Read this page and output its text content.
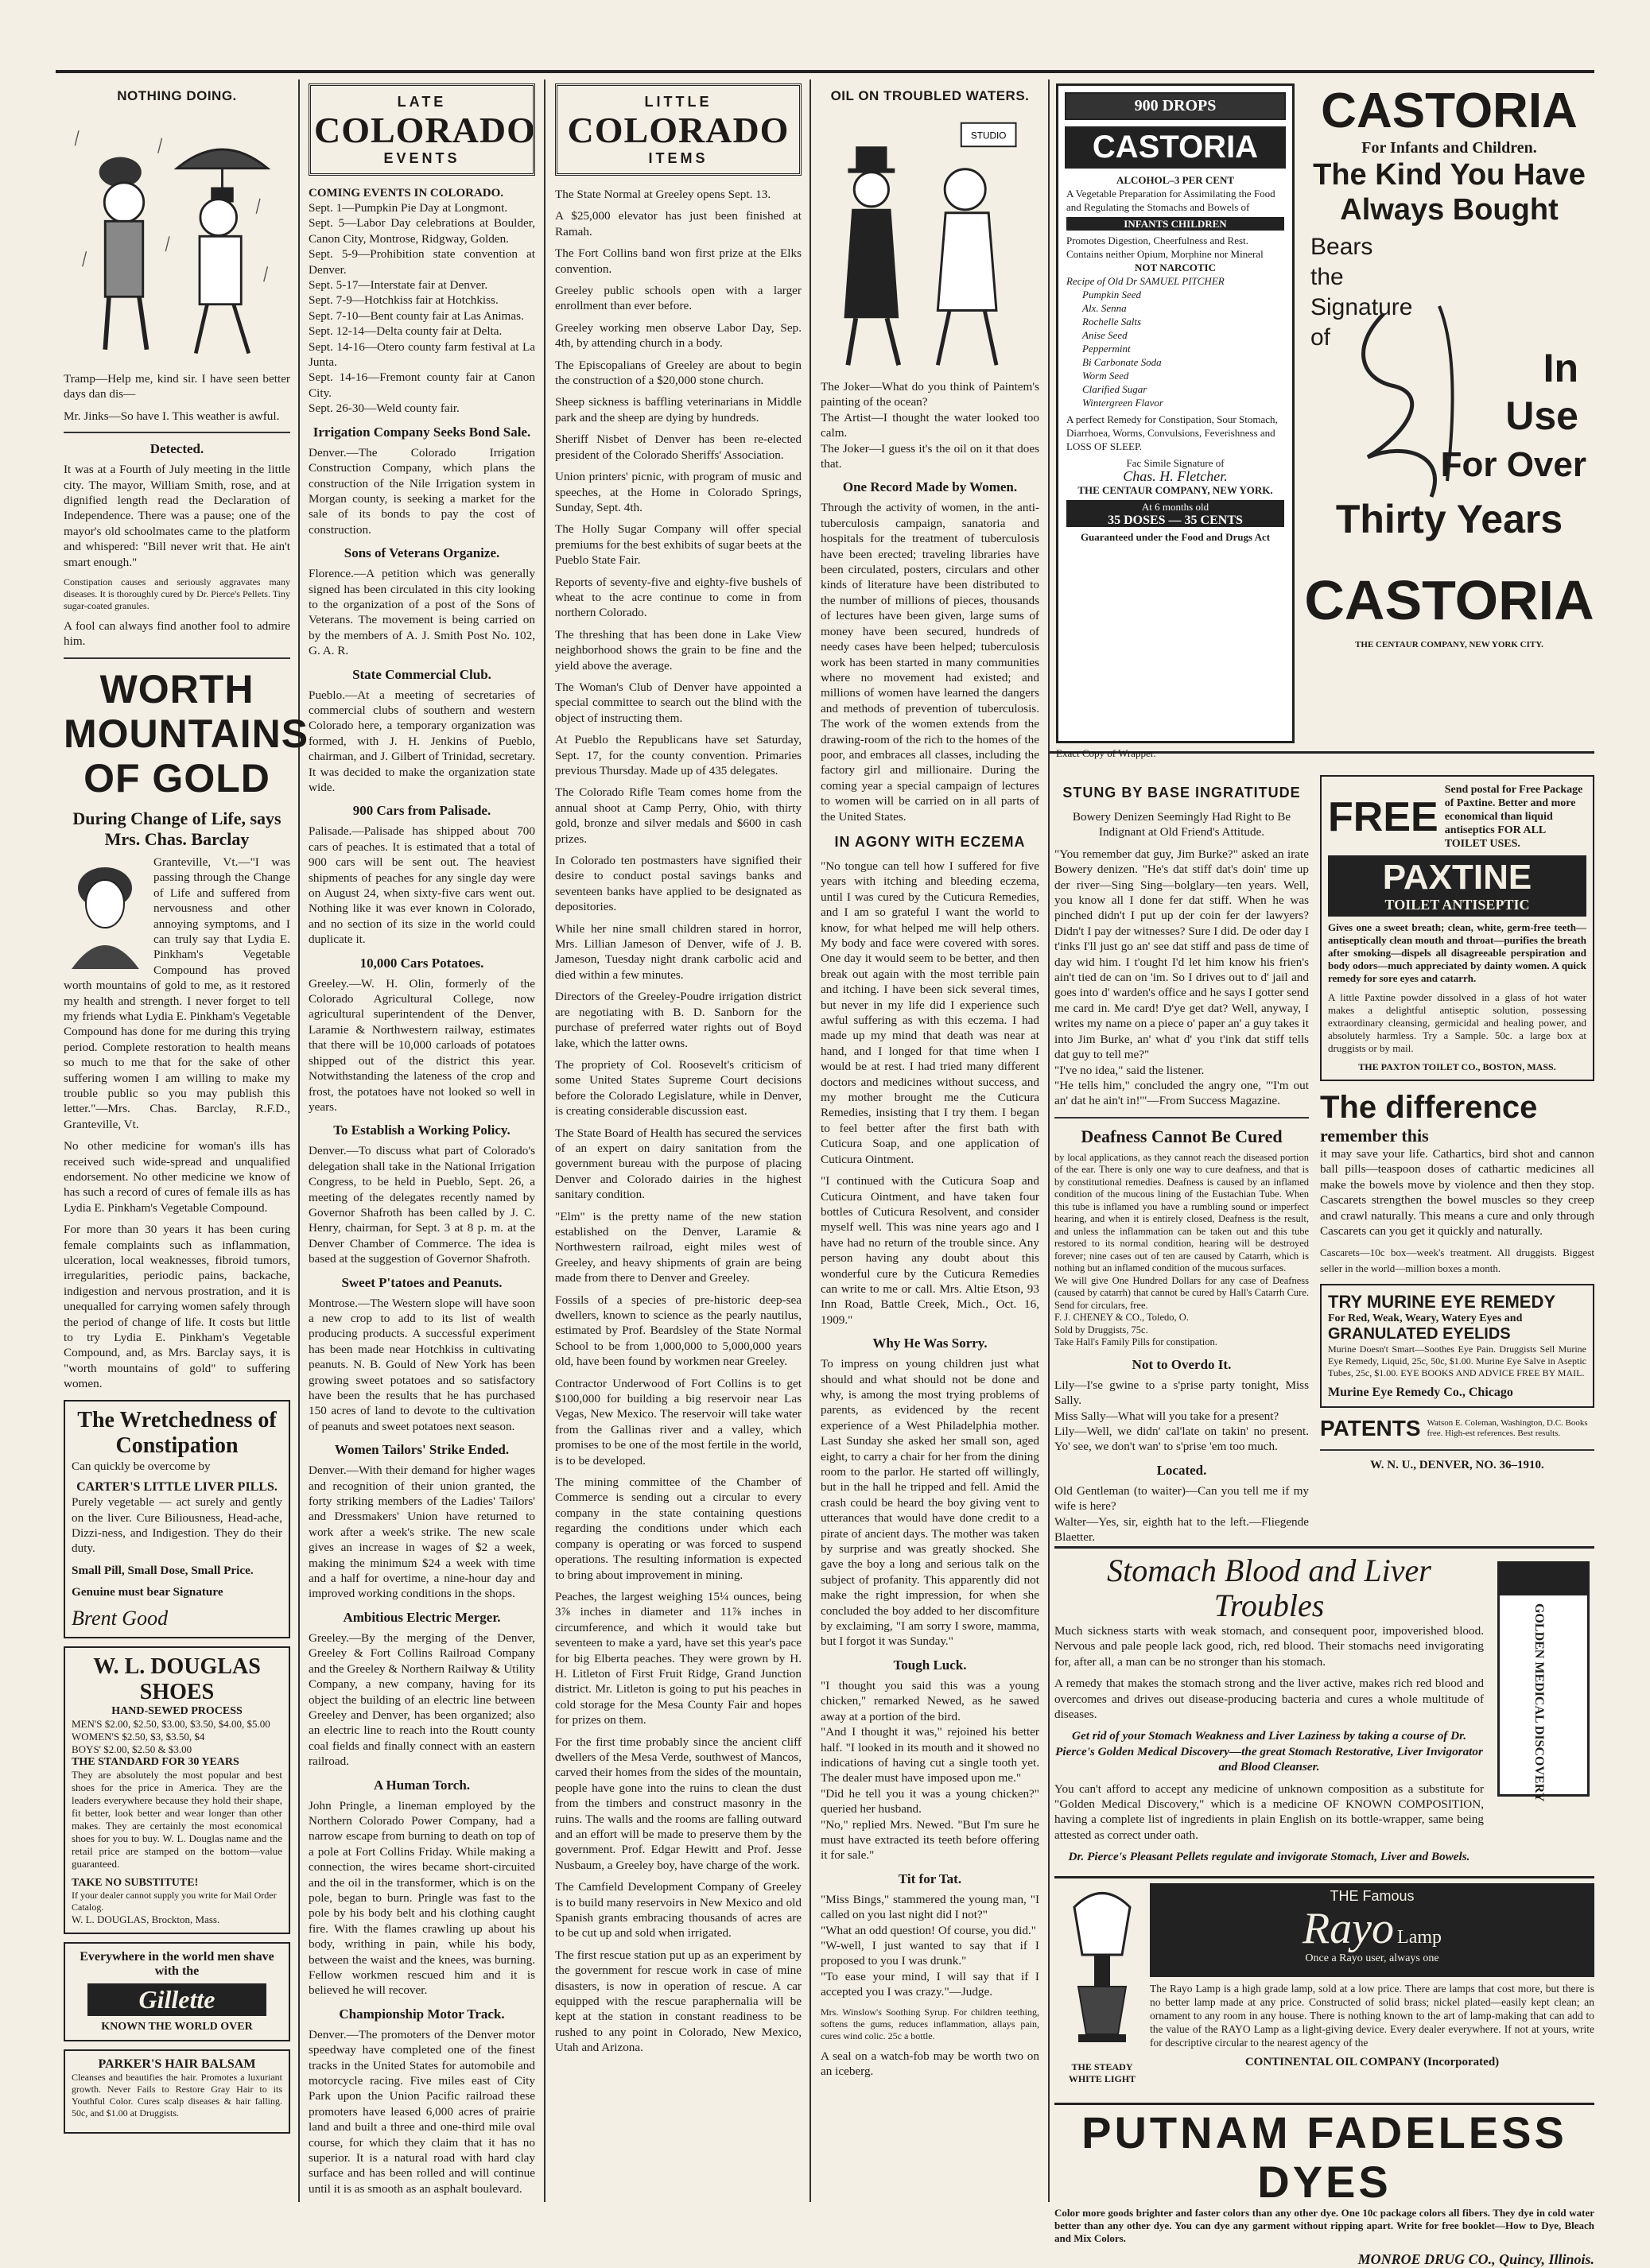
NOTHING DOING.

Tramp—Help me, kind sir. I have seen better days dan dis—

Mr. Jinks—So have I. This weather is awful.

Detected.

It was at a Fourth of July meeting in the little city. The mayor, William Smith, rose, and at dignified length read the Declaration of Independence. There was a pause; one of the mayor's old schoolmates came to the platform and whispered: "Bill never writ that. He ain't smart enough."

Constipation causes and seriously aggravates many diseases. It is thoroughly cured by Dr. Pierce's Pellets. Tiny sugar-coated granules.

A fool can always find another fool to admire him.

WORTH MOUNTAINS OF GOLD
During Change of Life, says Mrs. Chas. Barclay

Granteville, Vt.—"I was passing through the Change of Life and suffered from nervousness and other annoying symptoms, and I can truly say that Lydia E. Pinkham's Vegetable Compound has proved worth mountains of gold to me, as it restored my health and strength. I never forget to tell my friends what Lydia E. Pinkham's Vegetable Compound has done for me during this trying period. Complete restoration to health means so much to me that for the sake of other suffering women I am willing to make my trouble public so you may publish this letter."—Mrs. Chas. Barclay, R.F.D., Granteville, Vt.

No other medicine for woman's ills has received such wide-spread and unqualified endorsement. No other medicine we know of has such a record of cures of female ills as has Lydia E. Pinkham's Vegetable Compound.

For more than 30 years it has been curing female complaints such as inflammation, ulceration, local weaknesses, fibroid tumors, irregularities, periodic pains, backache, indigestion and nervous prostration, and it is unequalled for carrying women safely through the period of change of life. It costs but little to try Lydia E. Pinkham's Vegetable Compound, and, as Mrs. Barclay says, it is "worth mountains of gold" to suffering women.

The Wretchedness of Constipation

Can quickly be overcome by

CARTER'S LITTLE LIVER PILLS.

Purely vegetable — act surely and gently on the liver. Cure Biliousness, Head-ache, Dizzi-ness, and Indigestion. They do their duty.

Small Pill, Small Dose, Small Price.

Genuine must bear Signature

Brent Good
W. L. DOUGLAS SHOES
HAND-SEWED PROCESS
MEN'S $2.00, $2.50, $3.00, $3.50, $4.00, $5.00
WOMEN'S $2.50, $3, $3.50, $4
BOYS' $2.00, $2.50 & $3.00
THE STANDARD FOR 30 YEARS

They are absolutely the most popular and best shoes for the price in America. They are the leaders everywhere because they hold their shape, fit better, look better and wear longer than other makes. They are certainly the most economical shoes for you to buy. W. L. Douglas name and the retail price are stamped on the bottom—value guaranteed.

TAKE NO SUBSTITUTE!
If your dealer cannot supply you write for Mail Order Catalog.
W. L. DOUGLAS, Brockton, Mass.
Everywhere in the world men shave with the
Gillette
KNOWN THE WORLD OVER
PARKER'S HAIR BALSAM

Cleanses and beautifies the hair. Promotes a luxuriant growth. Never Fails to Restore Gray Hair to its Youthful Color. Cures scalp diseases & hair falling. 50c, and $1.00 at Druggists.

LATE
COLORADO
EVENTS
COMING EVENTS IN COLORADO.
Sept. 1—Pumpkin Pie Day at Longmont.
Sept. 5—Labor Day celebrations at Boulder, Canon City, Montrose, Ridgway, Golden.
Sept. 5-9—Prohibition state convention at Denver.
Sept. 5-17—Interstate fair at Denver.
Sept. 7-9—Hotchkiss fair at Hotchkiss.
Sept. 7-10—Bent county fair at Las Animas.
Sept. 12-14—Delta county fair at Delta.
Sept. 14-16—Otero county farm festival at La Junta.
Sept. 14-16—Fremont county fair at Canon City.
Sept. 26-30—Weld county fair.
Irrigation Company Seeks Bond Sale.

Denver.—The Colorado Irrigation Construction Company, which plans the construction of the Nile Irrigation system in Morgan county, is seeking a market for the sale of its bonds to pay the cost of construction.

Sons of Veterans Organize.

Florence.—A petition which was generally signed has been circulated in this city looking to the organization of a post of the Sons of Veterans. The movement is being carried on by the members of A. J. Smith Post No. 102, G. A. R.

State Commercial Club.

Pueblo.—At a meeting of secretaries of commercial clubs of southern and western Colorado here, a temporary organization was formed, with J. H. Jenkins of Pueblo, chairman, and J. Gilbert of Trinidad, secretary. It was decided to make the organization state wide.

900 Cars from Palisade.

Palisade.—Palisade has shipped about 700 cars of peaches. It is estimated that a total of 900 cars will be sent out. The heaviest shipments of peaches for any single day were on August 24, when sixty-five cars went out. Nothing like it was ever known in Colorado, and no section of its size in the world could duplicate it.

10,000 Cars Potatoes.

Greeley.—W. H. Olin, formerly of the Colorado Agricultural College, now agricultural superintendent of the Denver, Laramie & Northwestern railway, estimates that there will be 10,000 carloads of potatoes shipped out of the district this year. Notwithstanding the lateness of the crop and frost, the potatoes have not looked so well in years.

To Establish a Working Policy.

Denver.—To discuss what part of Colorado's delegation shall take in the National Irrigation Congress, to be held in Pueblo, Sept. 26, a meeting of the delegates recently named by Governor Shafroth has been called by J. C. Henry, chairman, for Sept. 3 at 8 p. m. at the Denver Chamber of Commerce. The idea is based at the suggestion of Governor Shafroth.

Sweet P'tatoes and Peanuts.

Montrose.—The Western slope will have soon a new crop to add to its list of wealth producing products. A successful experiment has been made near Hotchkiss in cultivating peanuts. N. B. Gould of New York has been growing sweet potatoes and so satisfactory have been the results that he has purchased 150 acres of land to devote to the cultivation of peanuts and sweet potatoes next season.

Women Tailors' Strike Ended.

Denver.—With their demand for higher wages and recognition of their union granted, the forty striking members of the Ladies' Tailors' and Dressmakers' Union have returned to work after a week's strike. The new scale gives an increase in wages of $2 a week, making the minimum $24 a week with time and a half for overtime, a nine-hour day and improved working conditions in the shops.

Ambitious Electric Merger.

Greeley.—By the merging of the Denver, Greeley & Fort Collins Railroad Company and the Greeley & Northern Railway & Utility Company, a new company, having for its object the building of an electric line between Greeley and Denver, has been organized; also an electric line to reach into the Routt county coal fields and finally connect with an eastern railroad.

A Human Torch.

John Pringle, a lineman employed by the Northern Colorado Power Company, had a narrow escape from burning to death on top of a pole at Fort Collins Friday. While making a connection, the wires became short-circuited and the oil in the transformer, which is on the pole, began to burn. Pringle was fast to the pole by his body belt and his clothing caught fire. With the flames crawling up about his body, writhing in pain, while his body, between the waist and the knees, was burning. Fellow workmen rescued him and it is believed he will recover.

Championship Motor Track.

Denver.—The promoters of the Denver motor speedway have completed one of the finest tracks in the United States for automobile and motorcycle racing. Five miles east of City Park upon the Union Pacific railroad these promoters have leased 6,000 acres of prairie land and built a three and one-third mile oval course, for which they claim that it has no superior. It is a natural road with hard clay surface and has been rolled and will continue until it is as smooth as an asphalt boulevard.

LITTLE
COLORADO
ITEMS

The State Normal at Greeley opens Sept. 13.

A $25,000 elevator has just been finished at Ramah.

The Fort Collins band won first prize at the Elks convention.

Greeley public schools open with a larger enrollment than ever before.

Greeley working men observe Labor Day, Sep. 4th, by attending church in a body.

The Episcopalians of Greeley are about to begin the construction of a $20,000 stone church.

Sheep sickness is baffling veterinarians in Middle park and the sheep are dying by hundreds.

Sheriff Nisbet of Denver has been re-elected president of the Colorado Sheriffs' Association.

Union printers' picnic, with program of music and speeches, at the Home in Colorado Springs, Sunday, Sept. 4th.

The Holly Sugar Company will offer special premiums for the best exhibits of sugar beets at the Pueblo State Fair.

Reports of seventy-five and eighty-five bushels of wheat to the acre continue to come in from northern Colorado.

The threshing that has been done in Lake View neighborhood shows the grain to be fine and the yield above the average.

The Woman's Club of Denver have appointed a special committee to search out the blind with the object of instructing them.

At Pueblo the Republicans have set Saturday, Sept. 17, for the county convention. Primaries previous Thursday. Made up of 435 delegates.

The Colorado Rifle Team comes home from the annual shoot at Camp Perry, Ohio, with thirty gold, bronze and silver medals and $600 in cash prizes.

In Colorado ten postmasters have signified their desire to conduct postal savings banks and seventeen banks have applied to be designated as depositories.

While her nine small children stared in horror, Mrs. Lillian Jameson of Denver, wife of J. B. Jameson, Tuesday night drank carbolic acid and died within a few minutes.

Directors of the Greeley-Poudre irrigation district are negotiating with B. D. Sanborn for the purchase of preferred water rights out of Boyd lake, which the latter owns.

The propriety of Col. Roosevelt's criticism of some United States Supreme Court decisions before the Colorado Legislature, while in Denver, is creating considerable discussion east.

The State Board of Health has secured the services of an expert on dairy sanitation from the government bureau with the purpose of placing Denver and Colorado dairies in the highest sanitary condition.

"Elm" is the pretty name of the new station established on the Denver, Laramie & Northwestern railroad, eight miles west of Greeley, and heavy shipments of grain are being made from there to Denver and Greeley.

Fossils of a species of pre-historic deep-sea dwellers, known to science as the pearly nautilus, estimated by Prof. Beardsley of the State Normal School to be from 1,000,000 to 5,000,000 years old, have been found by workmen near Greeley.

Contractor Underwood of Fort Collins is to get $100,000 for building a big reservoir near Las Vegas, New Mexico. The reservoir will take water from the Gallinas river and a valley, which promises to be one of the most fertile in the world, is to be developed.

The mining committee of the Chamber of Commerce is sending out a circular to every company in the state containing questions regarding the conditions under which each company is operating or was forced to suspend operations. The resulting information is expected to bring about improvement in mining.

Peaches, the largest weighing 15¼ ounces, being 3⅞ inches in diameter and 11⅞ inches in circumference, and which it would take but seventeen to make a yard, have set this year's pace for big Elberta peaches. They were grown by H. H. Litleton of First Fruit Ridge, Grand Junction district. Mr. Litleton is going to put his peaches in cold storage for the Mesa County Fair and hopes for prizes on them.

For the first time probably since the ancient cliff dwellers of the Mesa Verde, southwest of Mancos, carved their homes from the sides of the mountain, people have gone into the ruins to clean the dust from the timbers and construct masonry in the ruins. The walls and the rooms are falling outward and an effort will be made to preserve them by the government. Prof. Edgar Hewitt and Prof. Jesse Nusbaum, a Greeley boy, have charge of the work.

The Camfield Development Company of Greeley is to build many reservoirs in New Mexico and old Spanish grants embracing thousands of acres are to be cut up and sold when irrigated.

The first rescue station put up as an experiment by the government for rescue work in case of mine disasters, is now in operation of rescue. A car equipped with the rescue paraphernalia will be kept at the station in constant readiness to be rushed to any point in Colorado, New Mexico, Utah and Arizona.

OIL ON TROUBLED WATERS.
STUDIO

The Joker—What do you think of Paintem's painting of the ocean?
The Artist—I thought the water looked too calm.
The Joker—I guess it's the oil on it that does that.

One Record Made by Women.

Through the activity of women, in the anti-tuberculosis campaign, sanatoria and hospitals for the treatment of tuberculosis have been erected; traveling libraries have been circulated, posters, circulars and other kinds of literature have been distributed to the number of millions of pieces, thousands of lectures have been given, large sums of money have been secured, hundreds of needy cases have been helped; tuberculosis work has been started in many communities where no movement had existed; and millions of women have learned the dangers and methods of prevention of tuberculosis. The work of the women extends from the drawing-room of the rich to the homes of the poor, and embraces all classes, including the factory girl and millionaire. During the coming year a special campaign of lectures to women will be carried on in all parts of the United States.

IN AGONY WITH ECZEMA

"No tongue can tell how I suffered for five years with itching and bleeding eczema, until I was cured by the Cuticura Remedies, and I am so grateful I want the world to know, for what helped me will help others. My body and face were covered with sores. One day it would seem to be better, and then break out again with the most terrible pain and itching. I have been sick several times, but never in my life did I experience such awful suffering as with this eczema. I had made up my mind that death was near at hand, and I longed for that time when I would be at rest. I had tried many different doctors and medicines without success, and my mother brought me the Cuticura Remedies, insisting that I try them. I began to feel better after the first bath with Cuticura Soap, and one application of Cuticura Ointment.

"I continued with the Cuticura Soap and Cuticura Ointment, and have taken four bottles of Cuticura Resolvent, and consider myself well. This was nine years ago and I have had no return of the trouble since. Any person having any doubt about this wonderful cure by the Cuticura Remedies can write to me or call. Mrs. Altie Etson, 93 Inn Road, Battle Creek, Mich., Oct. 16, 1909."

Why He Was Sorry.

To impress on young children just what should and what should not be done and why, is among the most trying problems of parents, as evidenced by the recent experience of a West Philadelphia mother. Last Sunday she asked her small son, aged eight, to carry a chair for her from the dining room to the parlor. He started off willingly, but in the hall he tripped and fell. Amid the crash could be heard the boy giving vent to utterances that would have done credit to a pirate of ancient days. The mother was taken by surprise and was greatly shocked. She gave the boy a long and serious talk on the subject of profanity. This apparently did not make the right impression, for when she concluded the boy added to her discomfiture by exclaiming, "I am sorry I swore, mamma, but I forgot it was Sunday."

Tough Luck.

"I thought you said this was a young chicken," remarked Newed, as he sawed away at a portion of the bird.
"And I thought it was," rejoined his better half. "I looked in its mouth and it showed no indications of having cut a single tooth yet. The dealer must have imposed upon me."
"Did he tell you it was a young chicken?" queried her husband.
"No," replied Mrs. Newed. "But I'm sure he must have extracted its teeth before offering it for sale."

Tit for Tat.

"Miss Bings," stammered the young man, "I called on you last night did I not?"
"What an odd question! Of course, you did."
"W-well, I just wanted to say that if I proposed to you I was drunk."
"To ease your mind, I will say that if I accepted you I was crazy."—Judge.

Mrs. Winslow's Soothing Syrup. For children teething, softens the gums, reduces inflammation, allays pain, cures wind colic. 25c a bottle.

A seal on a watch-fob may be worth two on an iceberg.

900 DROPS
CASTORIA
ALCOHOL–3 PER CENT
A Vegetable Preparation for Assimilating the Food and Regulating the Stomachs and Bowels of
INFANTS CHILDREN
Promotes Digestion, Cheerfulness and Rest. Contains neither Opium, Morphine nor Mineral
NOT NARCOTIC
Recipe of Old Dr SAMUEL PITCHER
Pumpkin Seed
Alx. Senna
Rochelle Salts
Anise Seed
Peppermint
Bi Carbonate Soda
Worm Seed
Clarified Sugar
Wintergreen Flavor
A perfect Remedy for Constipation, Sour Stomach, Diarrhoea, Worms, Convulsions, Feverishness and LOSS OF SLEEP.
Fac Simile Signature of
Chas. H. Fletcher.
THE CENTAUR COMPANY, NEW YORK.
At 6 months old
35 DOSES — 35 CENTS
Guaranteed under the Food and Drugs Act
Exact Copy of Wrapper.
CASTORIA
For Infants and Children.
The Kind You Have Always Bought
Bears the Signature of
In
Use
For Over
Thirty Years
CASTORIA
THE CENTAUR COMPANY, NEW YORK CITY.
STUNG BY BASE INGRATITUDE

Bowery Denizen Seemingly Had Right to Be Indignant at Old Friend's Attitude.

"You remember dat guy, Jim Burke?" asked an irate Bowery denizen. "He's dat stiff dat's doin' time up der river—Sing Sing—bolglary—ten years. Well, you know all I done fer dat stiff. When he was pinched didn't I put up der coin fer der lawyers? Didn't I pay der witnesses? Sure I did. De oder day I t'inks I'll just go an' see dat stiff and pass de time of day wid him. I t'ought I'd let him know his frien's ain't tied de can on 'im. So I drives out to d' jail and goes into d' warden's office and he says I gotter send me card in. Me card! D'ye get dat? Well, anyway, I writes my name on a piece o' paper an' a guy takes it into Jim Burke, an' what d' you t'ink dat stiff tells dat guy to tell me?"
"I've no idea," said the listener.
"He tells him," concluded the angry one, "'I'm out an' dat he ain't in!'"—From Success Magazine.

Deafness Cannot Be Cured

by local applications, as they cannot reach the diseased portion of the ear. There is only one way to cure deafness, and that is by constitutional remedies. Deafness is caused by an inflamed condition of the mucous lining of the Eustachian Tube. When this tube is inflamed you have a rumbling sound or imperfect hearing, and when it is entirely closed, Deafness is the result, and unless the inflammation can be taken out and this tube restored to its normal condition, hearing will be destroyed forever; nine cases out of ten are caused by Catarrh, which is nothing but an inflamed condition of the mucous surfaces.
We will give One Hundred Dollars for any case of Deafness (caused by catarrh) that cannot be cured by Hall's Catarrh Cure. Send for circulars, free.
F. J. CHENEY & CO., Toledo, O.
Sold by Druggists, 75c.
Take Hall's Family Pills for constipation.

Not to Overdo It.

Lily—I'se gwine to a s'prise party tonight, Miss Sally.
Miss Sally—What will you take for a present?
Lily—Well, we didn' cal'late on takin' no present. Yo' see, we don't wan' to s'prise 'em too much.

Located.

Old Gentleman (to waiter)—Can you tell me if my wife is here?
Walter—Yes, sir, eighth hat to the left.—Fliegende Blaetter.

FREE
Send postal for Free Package of Paxtine. Better and more economical than liquid antiseptics FOR ALL TOILET USES.
PAXTINE
TOILET ANTISEPTIC

Gives one a sweet breath; clean, white, germ-free teeth—antiseptically clean mouth and throat—purifies the breath after smoking—dispels all disagreeable perspiration and body odors—much appreciated by dainty women. A quick remedy for sore eyes and catarrh.

A little Paxtine powder dissolved in a glass of hot water makes a delightful antiseptic solution, possessing extraordinary cleansing, germicidal and healing power, and absolutely harmless. Try a Sample. 50c. a large box at druggists or by mail.

THE PAXTON TOILET CO., BOSTON, MASS.
The difference
remember this

it may save your life. Cathartics, bird shot and cannon ball pills—teaspoon doses of cathartic medicines all make the bowels move by violence and then they stop. Cascarets strengthen the bowel muscles so they creep and crawl naturally. This means a cure and only through Cascarets can you get it quickly and naturally.

Cascarets—10c box—week's treatment. All druggists. Biggest seller in the world—million boxes a month.

TRY MURINE EYE REMEDY
For Red, Weak, Weary, Watery Eyes and
GRANULATED EYELIDS

Murine Doesn't Smart—Soothes Eye Pain. Druggists Sell Murine Eye Remedy, Liquid, 25c, 50c, $1.00. Murine Eye Salve in Aseptic Tubes, 25c, $1.00. EYE BOOKS AND ADVICE FREE BY MAIL.

Murine Eye Remedy Co., Chicago
PATENTS Watson E. Coleman, Washington, D.C. Books free. High-est references. Best results.
W. N. U., DENVER, NO. 36–1910.
GOLDEN MEDICAL DISCOVERY
Stomach Blood and Liver Troubles

Much sickness starts with weak stomach, and consequent poor, impoverished blood. Nervous and pale people lack good, rich, red blood. Their stomachs need invigorating for, after all, a man can be no stronger than his stomach.

A remedy that makes the stomach strong and the liver active, makes rich red blood and overcomes and drives out disease-producing bacteria and cures a whole multitude of diseases.

Get rid of your Stomach Weakness and Liver Laziness by taking a course of Dr. Pierce's Golden Medical Discovery—the great Stomach Restorative, Liver Invigorator and Blood Cleanser.

You can't afford to accept any medicine of unknown composition as a substitute for "Golden Medical Discovery," which is a medicine OF KNOWN COMPOSITION, having a complete list of ingredients in plain English on its bottle-wrapper, same being attested as correct under oath.

Dr. Pierce's Pleasant Pellets regulate and invigorate Stomach, Liver and Bowels.

THE Famous
Rayo Lamp
Once a Rayo user, always one

The Rayo Lamp is a high grade lamp, sold at a low price. There are lamps that cost more, but there is no better lamp made at any price. Constructed of solid brass; nickel plated—easily kept clean; an ornament to any room in any house. There is nothing known to the art of lamp-making that can add to the value of the RAYO Lamp as a light-giving device. Every dealer everywhere. If not at yours, write for descriptive circular to the nearest agency of the

CONTINENTAL OIL COMPANY (Incorporated)
THE STEADY WHITE LIGHT
PUTNAM FADELESS DYES

Color more goods brighter and faster colors than any other dye. One 10c package colors all fibers. They dye in cold water better than any other dye. You can dye any garment without ripping apart. Write for free booklet—How to Dye, Bleach and Mix Colors.

MONROE DRUG CO., Quincy, Illinois.
